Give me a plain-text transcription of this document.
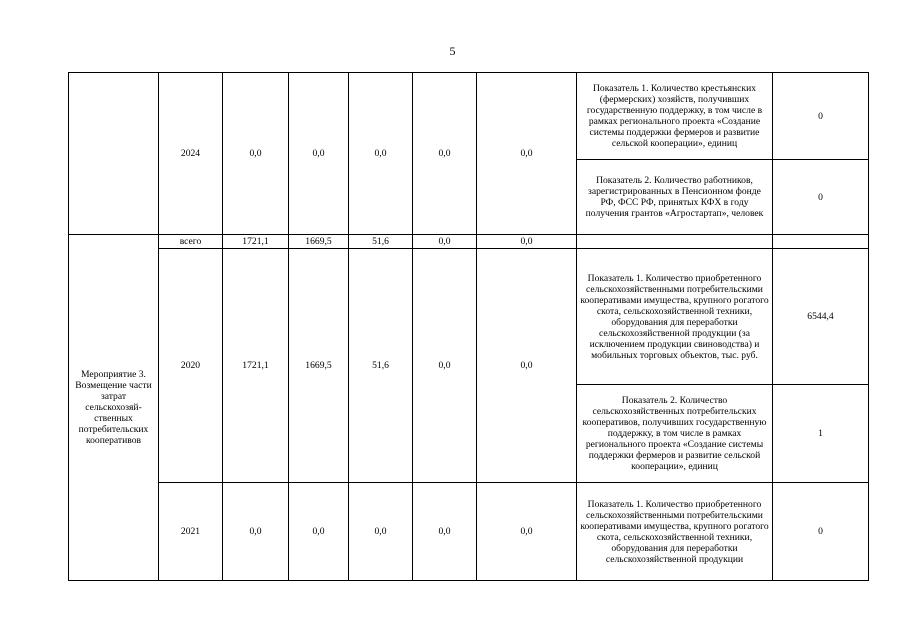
5
	2024	0,0	0,0	0,0	0,0	0,0	Показатель 1. Количество крестьянских (фермерских) хозяйств, получивших государственную поддержку, в том числе в рамках регионального проекта «Создание системы поддержки фермеров и развитие сельской кооперации», единиц	0
							Показатель 2. Количество работников, зарегистрированных в Пенсионном фонде РФ, ФСС РФ, принятых КФХ в году получения грантов «Агростартап», человек	0
Мероприятие 3. Возмещение части затрат сельскохозяй-ственных потребительских кооперативов	всего	1721,1	1669,5	51,6	0,0	0,0		
	2020	1721,1	1669,5	51,6	0,0	0,0	Показатель 1. Количество приобретенного сельскохозяйственными потребительскими кооперативами имущества, крупного рогатого скота, сельскохозяйственной техники, оборудования для переработки сельскохозяйственной продукции (за исключением продукции свиноводства) и мобильных торговых объектов, тыс. руб.	6544,4
							Показатель 2. Количество сельскохозяйственных потребительских кооперативов, получивших государственную поддержку, в том числе в рамках регионального проекта «Создание системы поддержки фермеров и развитие сельской кооперации», единиц	1
	2021	0,0	0,0	0,0	0,0	0,0	Показатель 1. Количество приобретенного сельскохозяйственными потребительскими кооперативами имущества, крупного рогатого скота, сельскохозяйственной техники, оборудования для переработки сельскохозяйственной продукции	0
